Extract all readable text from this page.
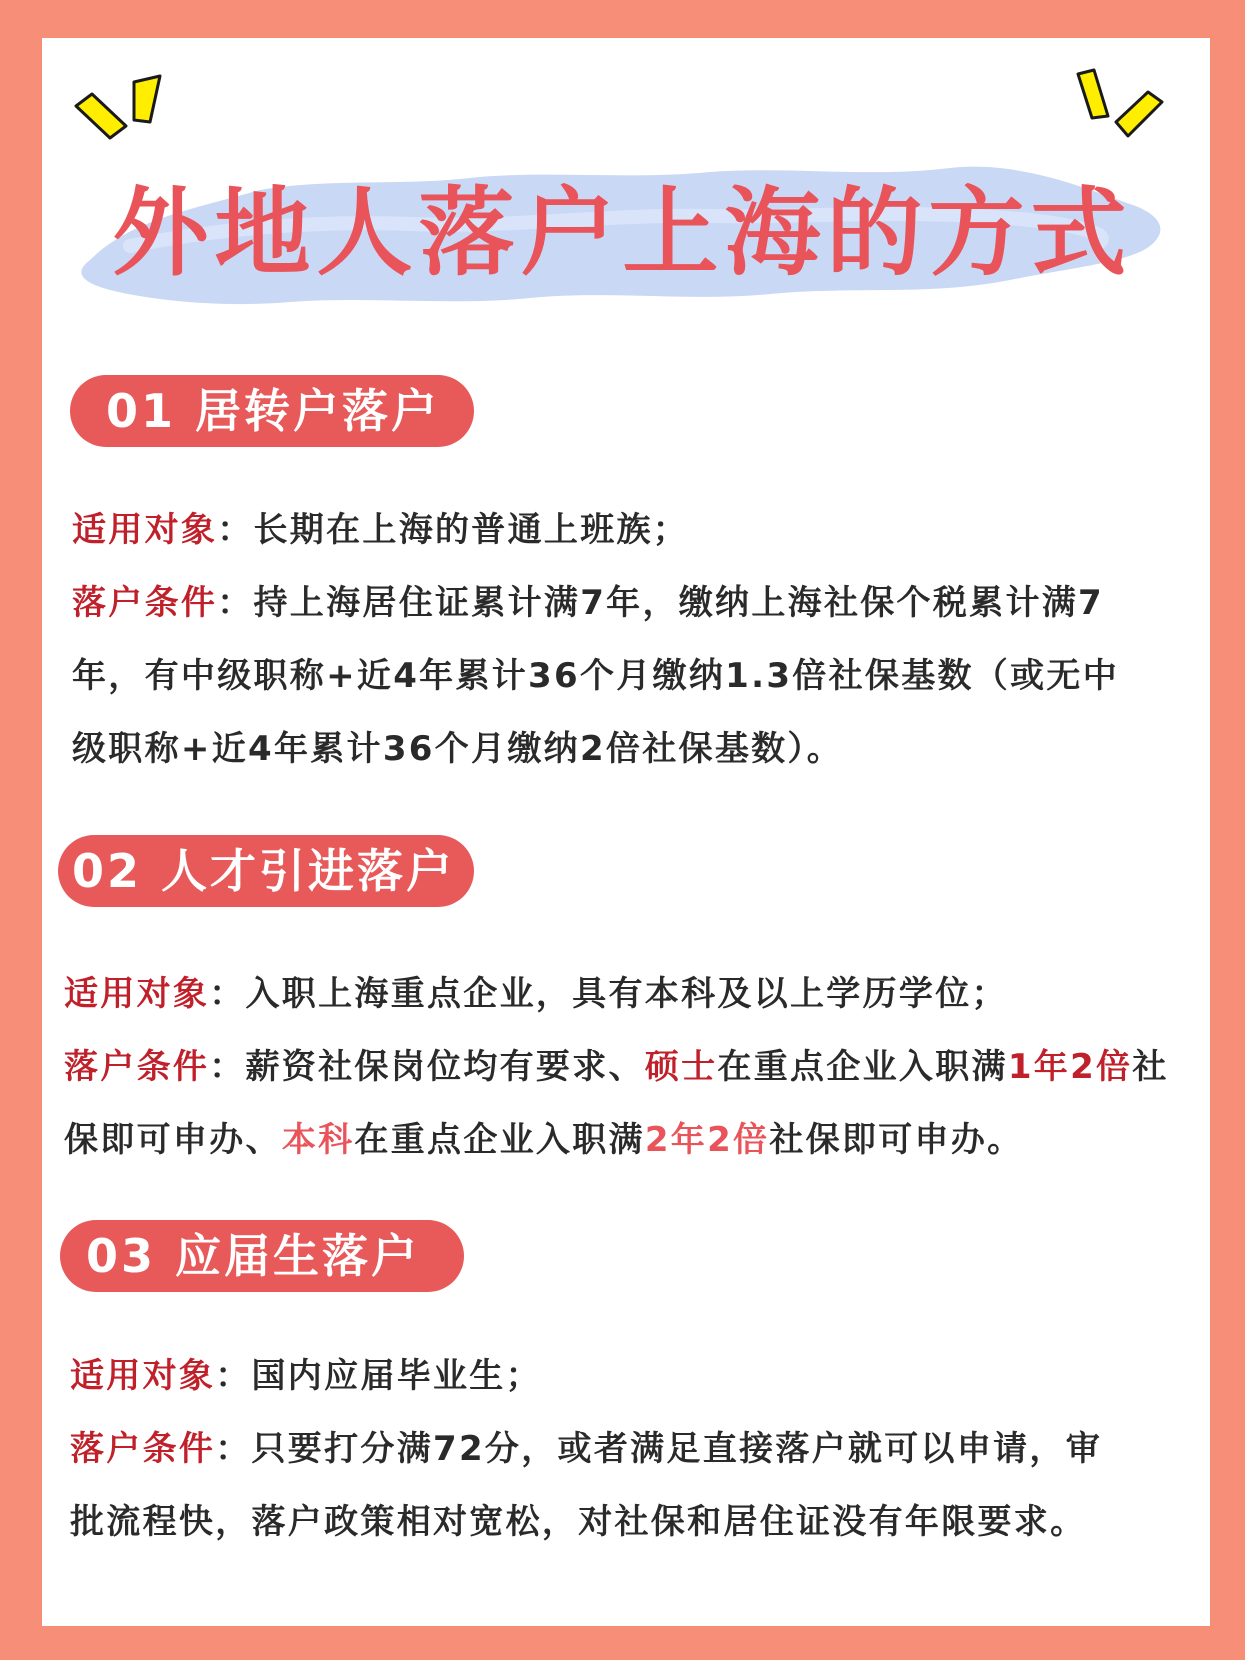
外地人落户上海的方式
01 居转户落户

适用对象：长期在上海的普通上班族；

落户条件：持上海居住证累计满7年，缴纳上海社保个税累计满7

年，有中级职称+近4年累计36个月缴纳1.3倍社保基数（或无中

级职称+近4年累计36个月缴纳2倍社保基数）。

02 人才引进落户

适用对象：入职上海重点企业，具有本科及以上学历学位；

落户条件：薪资社保岗位均有要求、硕士在重点企业入职满1年2倍社保即可申办、本科在重点企业入职满2年2倍社保即可申办。

03 应届生落户

适用对象：国内应届毕业生；

落户条件：只要打分满72分，或者满足直接落户就可以申请，审

批流程快，落户政策相对宽松，对社保和居住证没有年限要求。
